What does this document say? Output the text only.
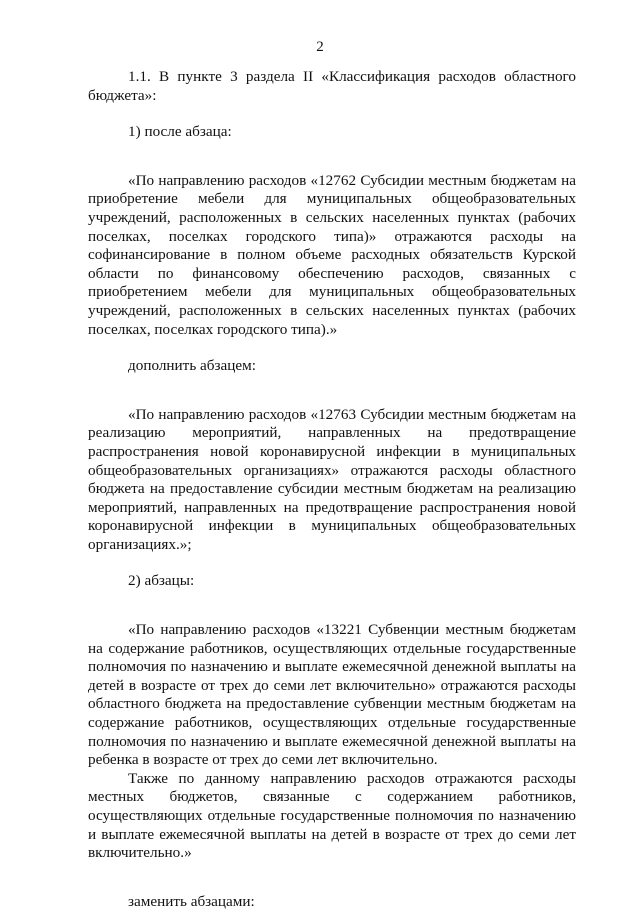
2

1.1. В пункте 3 раздела II «Классификация расходов областного бюджета»:

1) после абзаца:

«По направлению расходов «12762 Субсидии местным бюджетам на приобретение мебели для муниципальных общеобразовательных учреждений, расположенных в сельских населенных пунктах (рабочих поселках, поселках городского типа)» отражаются расходы на софинансирование в полном объеме расходных обязательств Курской области по финансовому обеспечению расходов, связанных с приобретением мебели для муниципальных общеобразовательных учреждений, расположенных в сельских населенных пунктах (рабочих поселках, поселках городского типа).»

дополнить абзацем:

«По направлению расходов «12763 Субсидии местным бюджетам на реализацию мероприятий, направленных на предотвращение распространения новой коронавирусной инфекции в муниципальных общеобразовательных организациях» отражаются расходы областного бюджета на предоставление субсидии местным бюджетам на реализацию мероприятий, направленных на предотвращение распространения новой коронавирусной инфекции в муниципальных общеобразовательных организациях.»;

2) абзацы:

«По направлению расходов «13221 Субвенции местным бюджетам на содержание работников, осуществляющих отдельные государственные полномочия по назначению и выплате ежемесячной денежной выплаты на детей в возрасте от трех до семи лет включительно» отражаются расходы областного бюджета на предоставление субвенции местным бюджетам на содержание работников, осуществляющих отдельные государственные полномочия по назначению и выплате ежемесячной денежной выплаты на ребенка в возрасте от трех до семи лет включительно.

Также по данному направлению расходов отражаются расходы местных бюджетов, связанные с содержанием работников, осуществляющих отдельные государственные полномочия по назначению и выплате ежемесячной выплаты на детей в возрасте от трех до семи лет включительно.»

заменить абзацами:
